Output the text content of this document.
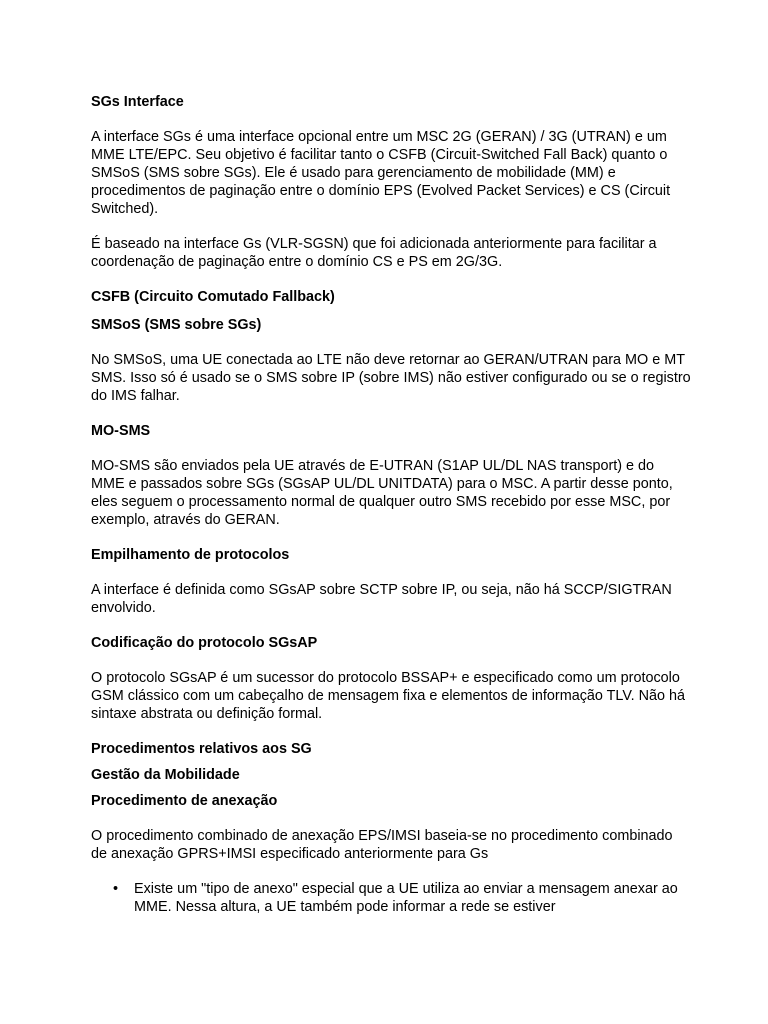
SGs Interface

A interface SGs é uma interface opcional entre um MSC 2G (GERAN) / 3G (UTRAN) e um MME LTE/EPC. Seu objetivo é facilitar tanto o CSFB (Circuit-Switched Fall Back) quanto o SMSoS (SMS sobre SGs). Ele é usado para gerenciamento de mobilidade (MM) e procedimentos de paginação entre o domínio EPS (Evolved Packet Services) e CS (Circuit Switched).

É baseado na interface Gs (VLR-SGSN) que foi adicionada anteriormente para facilitar a coordenação de paginação entre o domínio CS e PS em 2G/3G.

CSFB (Circuito Comutado Fallback)

SMSoS (SMS sobre SGs)

No SMSoS, uma UE conectada ao LTE não deve retornar ao GERAN/UTRAN para MO e MT SMS. Isso só é usado se o SMS sobre IP (sobre IMS) não estiver configurado ou se o registro do IMS falhar.

MO-SMS

MO-SMS são enviados pela UE através de E-UTRAN (S1AP UL/DL NAS transport) e do MME e passados sobre SGs (SGsAP UL/DL UNITDATA) para o MSC. A partir desse ponto, eles seguem o processamento normal de qualquer outro SMS recebido por esse MSC, por exemplo, através do GERAN.

Empilhamento de protocolos

A interface é definida como SGsAP sobre SCTP sobre IP, ou seja, não há SCCP/SIGTRAN envolvido.

Codificação do protocolo SGsAP

O protocolo SGsAP é um sucessor do protocolo BSSAP+ e especificado como um protocolo GSM clássico com um cabeçalho de mensagem fixa e elementos de informação TLV. Não há sintaxe abstrata ou definição formal.

Procedimentos relativos aos SG

Gestão da Mobilidade

Procedimento de anexação

O procedimento combinado de anexação EPS/IMSI baseia-se no procedimento combinado de anexação GPRS+IMSI especificado anteriormente para Gs

• Existe um "tipo de anexo" especial que a UE utiliza ao enviar a mensagem anexar ao MME. Nessa altura, a UE também pode informar a rede se estiver
